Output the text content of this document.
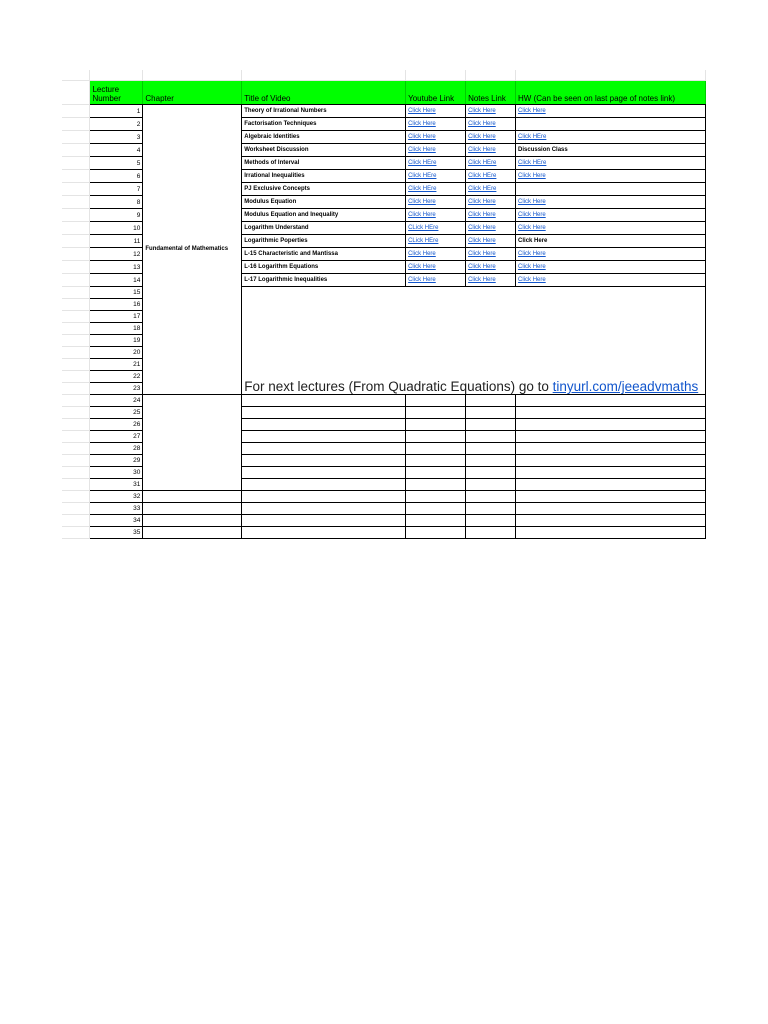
	Lecture Number	Chapter	Title of Video	Youtube Link	Notes Link	HW (Can be seen on last page of notes link)
	1	Fundamental of Mathematics	Theory of Irrational Numbers	Click Here	Click Here	Click Here
	2		Factorisation Techniques	Click Here	Click Here	
	3		Algebraic Identities	Click Here	Click Here	Click HEre
	4		Worksheet Discussion	Click Here	Click Here	Discussion Class
	5		Methods of Interval	Click HEre	Click HEre	Click HEre
	6		Irrational Inequalities	Click HEre	Click HEre	Click Here
	7		PJ Exclusive Concepts	Click HEre	Click HEre	
	8		Modulus Equation	Click Here	Click Here	Click Here
	9		Modulus Equation and Inequality	Click Here	Click Here	Click Here
	10		Logarithm Understand	CLick HEre	Click Here	Click Here
	11		Logarithmic Poperties	CLick HEre	Click Here	Click Here
	12		L-15 Characteristic and Mantissa	Click Here	Click Here	Click Here
	13		L-16 Logarithm Equations	Click Here	Click Here	Click Here
	14		L-17 Logarithmic Inequalities	Click Here	Click Here	Click Here
	15		For next lectures (From Quadratic Equations) go to tinyurl.com/jeeadvmaths			

	16					
	17					
	18					
	19					
	20					
	21					
	22					
	23					
	24					
	25					
	26					
	27					
	28					
	29					
	30					
	31					
	32					
	33					
	34					
	35					
